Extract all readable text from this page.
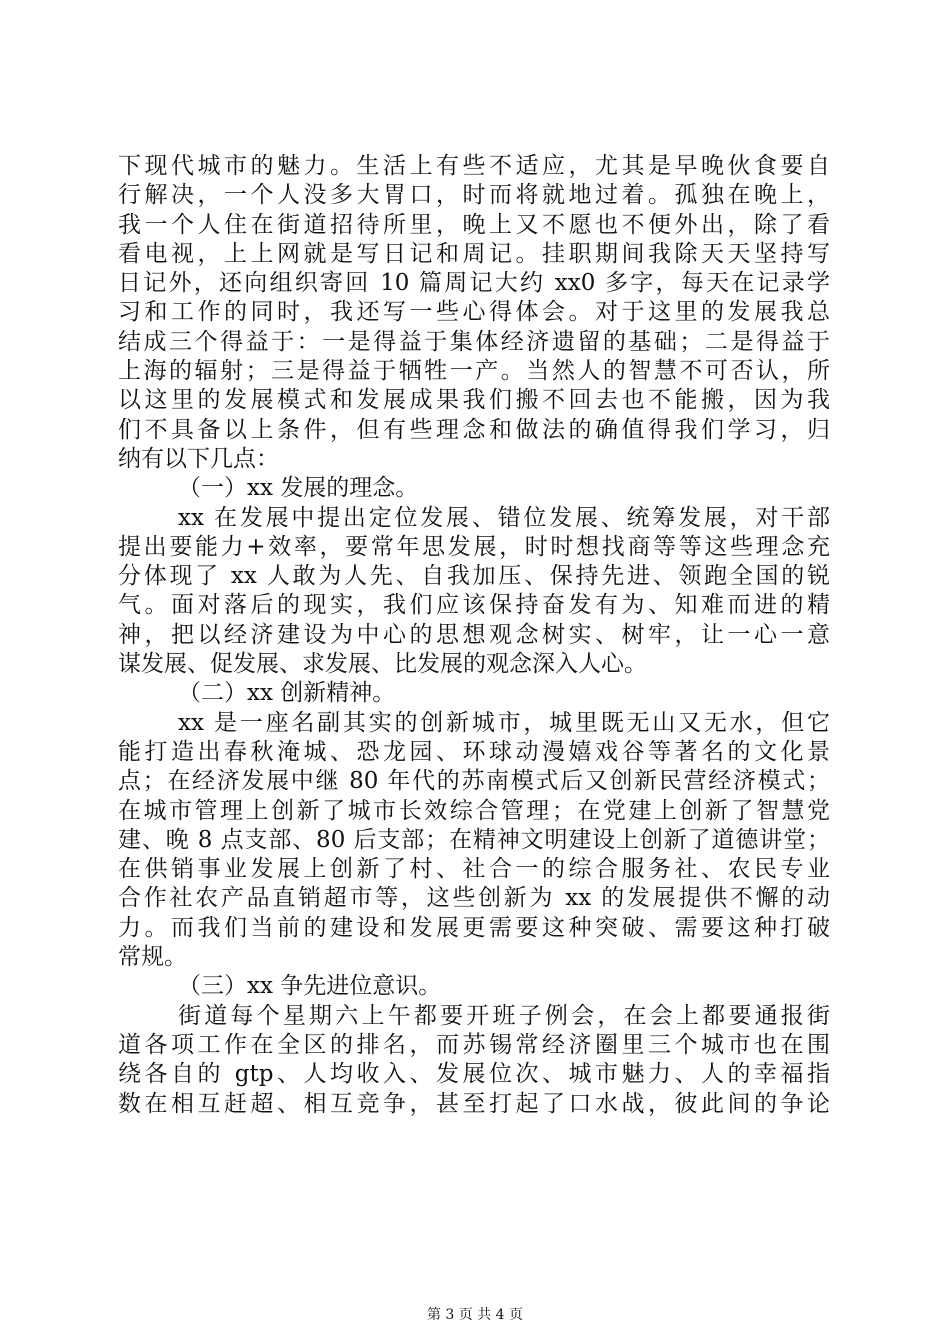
下现代城市的魅力。生活上有些不适应，尤其是早晚伙食要自
行解决，一个人没多大胃口，时而将就地过着。孤独在晚上，
我一个人住在街道招待所里，晚上又不愿也不便外出，除了看
看电视，上上网就是写日记和周记。挂职期间我除天天坚持写
日记外，还向组织寄回 10 篇周记大约 xx0 多字，每天在记录学
习和工作的同时，我还写一些心得体会。对于这里的发展我总
结成三个得益于：一是得益于集体经济遗留的基础；二是得益于
上海的辐射；三是得益于牺牲一产。当然人的智慧不可否认，所
以这里的发展模式和发展成果我们搬不回去也不能搬，因为我
们不具备以上条件，但有些理念和做法的确值得我们学习，归
纳有以下几点：
（一）xx 发展的理念。
xx 在发展中提出定位发展、错位发展、统筹发展，对干部
提出要能力+效率，要常年思发展，时时想找商等等这些理念充
分体现了 xx 人敢为人先、自我加压、保持先进、领跑全国的锐
气。面对落后的现实，我们应该保持奋发有为、知难而进的精
神，把以经济建设为中心的思想观念树实、树牢，让一心一意
谋发展、促发展、求发展、比发展的观念深入人心。
（二）xx 创新精神。
xx 是一座名副其实的创新城市，城里既无山又无水，但它
能打造出春秋淹城、恐龙园、环球动漫嬉戏谷等著名的文化景
点；在经济发展中继 80 年代的苏南模式后又创新民营经济模式；
在城市管理上创新了城市长效综合管理；在党建上创新了智慧党
建、晚 8 点支部、80 后支部；在精神文明建设上创新了道德讲堂；
在供销事业发展上创新了村、社合一的综合服务社、农民专业
合作社农产品直销超市等，这些创新为 xx 的发展提供不懈的动
力。而我们当前的建设和发展更需要这种突破、需要这种打破
常规。
（三）xx 争先进位意识。
街道每个星期六上午都要开班子例会，在会上都要通报街
道各项工作在全区的排名，而苏锡常经济圈里三个城市也在围
绕各自的 gtp、人均收入、发展位次、城市魅力、人的幸福指
数在相互赶超、相互竞争，甚至打起了口水战，彼此间的争论
第 3 页 共 4 页
